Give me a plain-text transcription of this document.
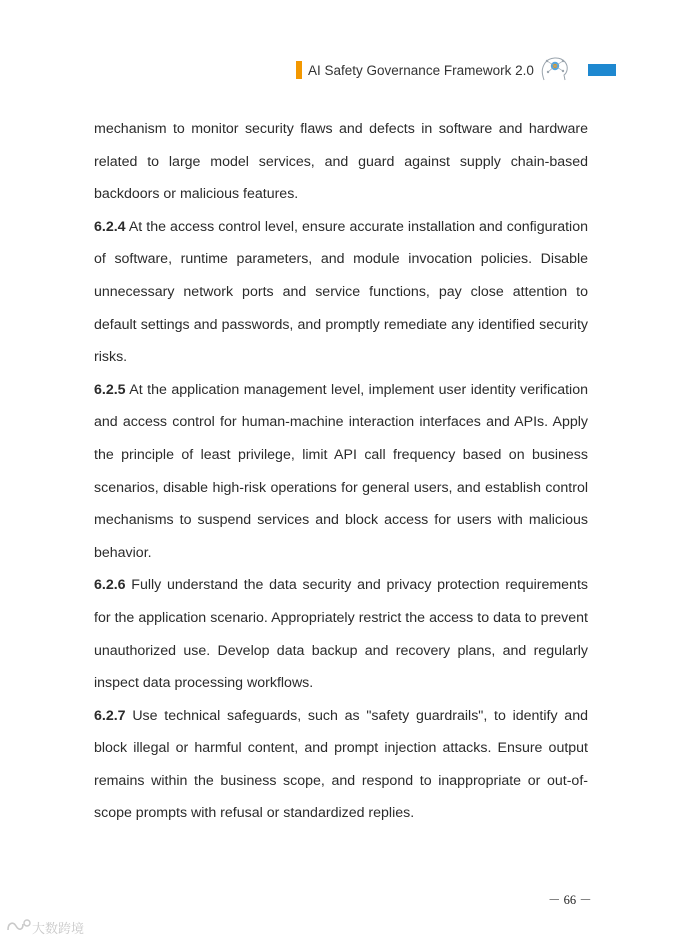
AI Safety Governance Framework 2.0

mechanism to monitor security flaws and defects in software and hardware related to large model services, and guard against supply chain-based backdoors or malicious features.

6.2.4 At the access control level, ensure accurate installation and configuration of software, runtime parameters, and module invocation policies. Disable unnecessary network ports and service functions, pay close attention to default settings and passwords, and promptly remediate any identified security risks.

6.2.5 At the application management level, implement user identity verification and access control for human-machine interaction interfaces and APIs. Apply the principle of least privilege, limit API call frequency based on business scenarios, disable high-risk operations for general users, and establish control mechanisms to suspend services and block access for users with malicious behavior.

6.2.6 Fully understand the data security and privacy protection requirements for the application scenario. Appropriately restrict the access to data to prevent unauthorized use. Develop data backup and recovery plans, and regularly inspect data processing workflows.

6.2.7 Use technical safeguards, such as "safety guardrails", to identify and block illegal or harmful content, and prompt injection attacks. Ensure output remains within the business scope, and respond to inappropriate or out-of-scope prompts with refusal or standardized replies.

－ 66 －
大数跨境
